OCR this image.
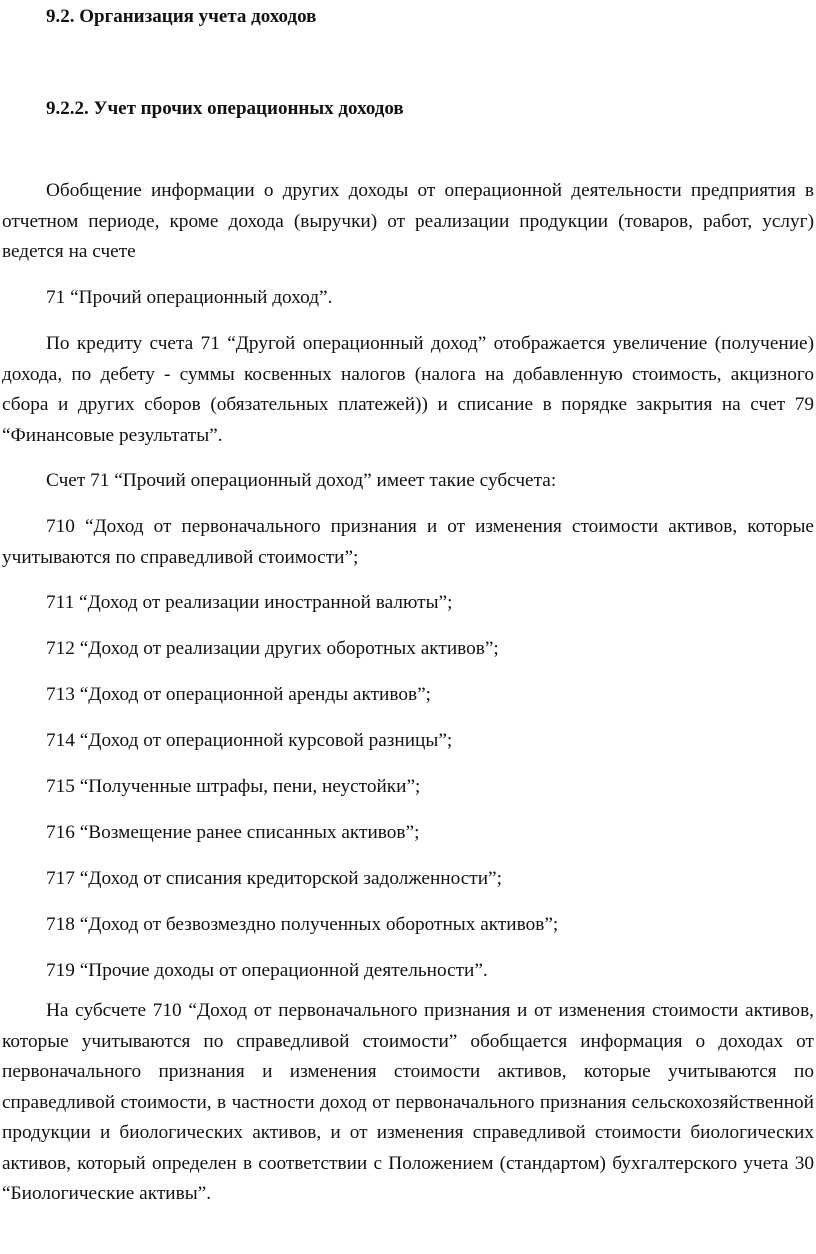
9.2. Организация учета доходов
9.2.2. Учет прочих операционных доходов

Обобщение информации о других доходы от операционной деятельности предприятия в отчетном периоде, кроме дохода (выручки) от реализации продукции (товаров, работ, услуг) ведется на счете

71 “Прочий операционный доход”.

По кредиту счета 71 “Другой операционный доход” отображается увеличение (получение) дохода, по дебету - суммы косвенных налогов (налога на добавленную стоимость, акцизного сбора и других сборов (обязательных платежей)) и списание в порядке закрытия на счет 79 “Финансовые результаты”.

Счет 71 “Прочий операционный доход” имеет такие субсчета:

710 “Доход от первоначального признания и от изменения стоимости активов, которые учитываются по справедливой стоимости”;

711 “Доход от реализации иностранной валюты”;

712 “Доход от реализации других оборотных активов”;

713 “Доход от операционной аренды активов”;

714 “Доход от операционной курсовой разницы”;

715 “Полученные штрафы, пени, неустойки”;

716 “Возмещение ранее списанных активов”;

717 “Доход от списания кредиторской задолженности”;

718 “Доход от безвозмездно полученных оборотных активов”;

719 “Прочие доходы от операционной деятельности”.

На субсчете 710 “Доход от первоначального признания и от изменения стоимости активов, которые учитываются по справедливой стоимости” обобщается информация о доходах от первоначального признания и изменения стоимости активов, которые учитываются по справедливой стоимости, в частности доход от первоначального признания сельскохозяйственной продукции и биологических активов, и от изменения справедливой стоимости биологических активов, который определен в соответствии с Положением (стандартом) бухгалтерского учета 30 “Биологические активы”.
